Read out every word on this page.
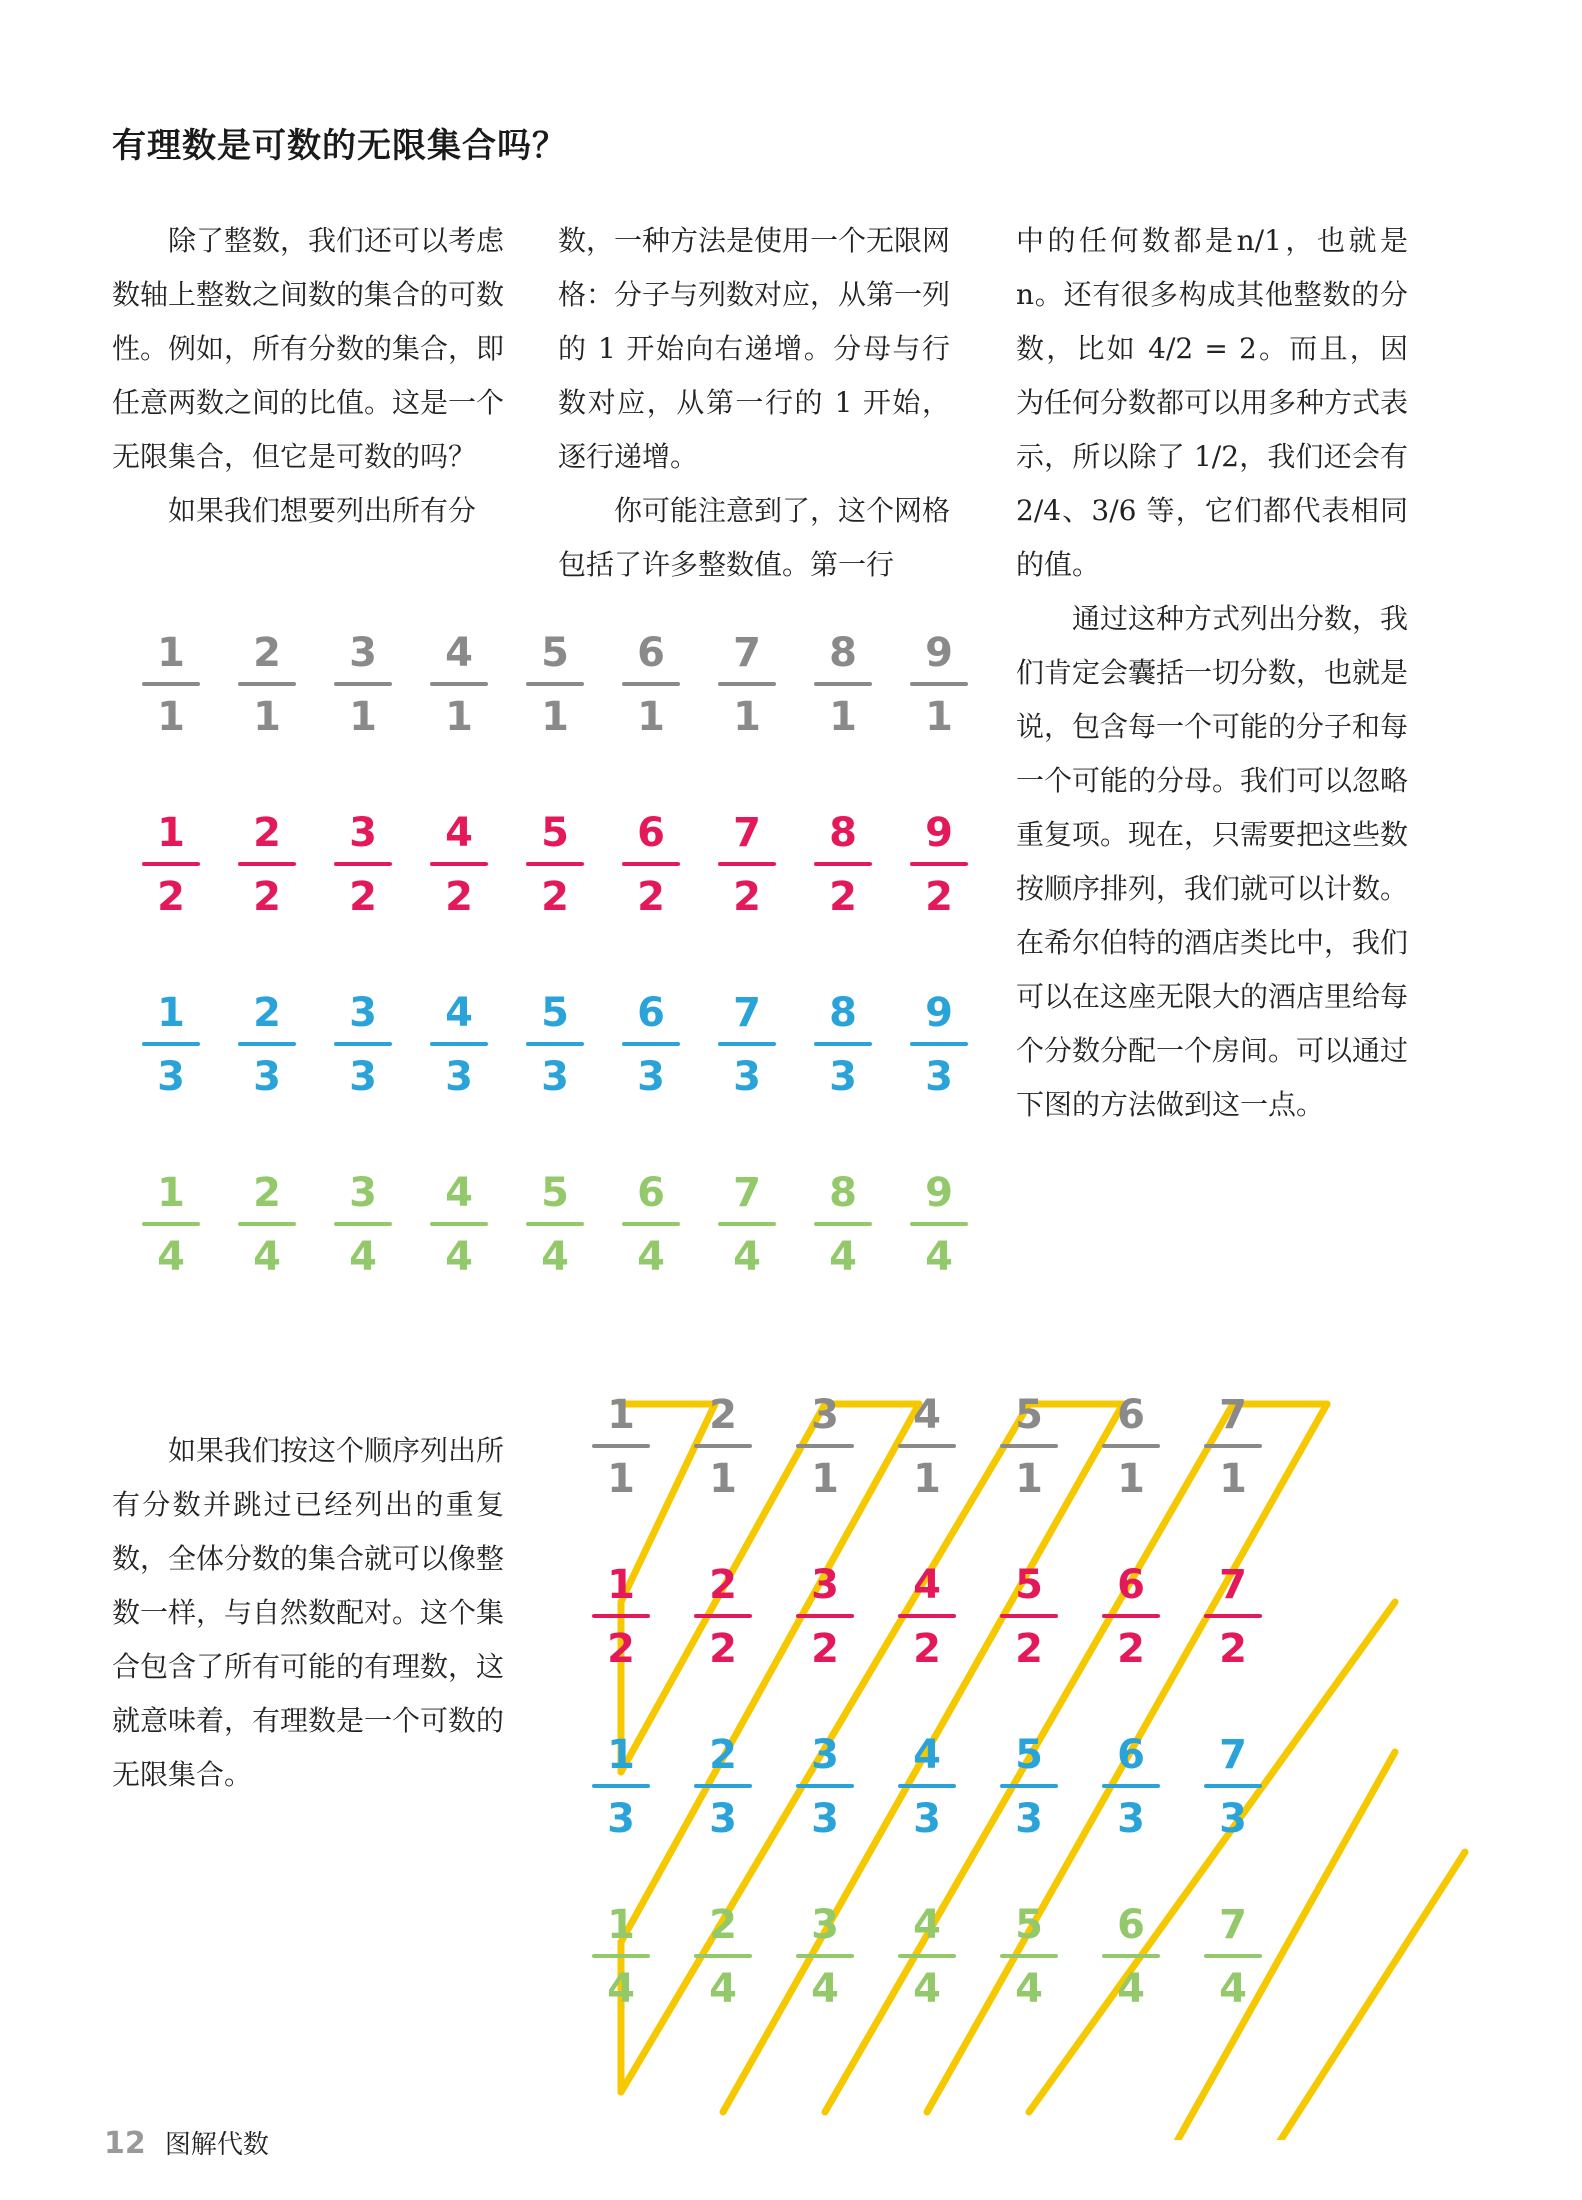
有理数是可数的无限集合吗？

除了整数，我们还可以考虑数轴上整数之间数的集合的可数性。例如，所有分数的集合，即任意两数之间的比值。这是一个无限集合，但它是可数的吗？

如果我们想要列出所有分

数，一种方法是使用一个无限网格：分子与列数对应，从第一列的 1 开始向右递增。分母与行数对应，从第一行的 1 开始，逐行递增。

你可能注意到了，这个网格包括了许多整数值。第一行

中的任何数都是n/1，也就是n。还有很多构成其他整数的分数，比如 4/2 = 2。而且，因为任何分数都可以用多种方式表示，所以除了 1/2，我们还会有 2/4、3/6 等，它们都代表相同的值。

通过这种方式列出分数，我们肯定会囊括一切分数，也就是说，包含每一个可能的分子和每一个可能的分母。我们可以忽略重复项。现在，只需要把这些数按顺序排列，我们就可以计数。在希尔伯特的酒店类比中，我们可以在这座无限大的酒店里给每个分数分配一个房间。可以通过下图的方法做到这一点。

如果我们按这个顺序列出所有分数并跳过已经列出的重复数，全体分数的集合就可以像整数一样，与自然数配对。这个集合包含了所有可能的有理数，这就意味着，有理数是一个可数的无限集合。

1
1
2
1
3
1
4
1
5
1
6
1
7
1
8
1
9
1
1
2
2
2
3
2
4
2
5
2
6
2
7
2
8
2
9
2
1
3
2
3
3
3
4
3
5
3
6
3
7
3
8
3
9
3
1
4
2
4
3
4
4
4
5
4
6
4
7
4
8
4
9
4
1
1
2
1
3
1
4
1
5
1
6
1
7
1
1
2
2
2
3
2
4
2
5
2
6
2
7
2
1
3
2
3
3
3
4
3
5
3
6
3
7
3
1
4
2
4
3
4
4
4
5
4
6
4
7
4
12 图解代数
